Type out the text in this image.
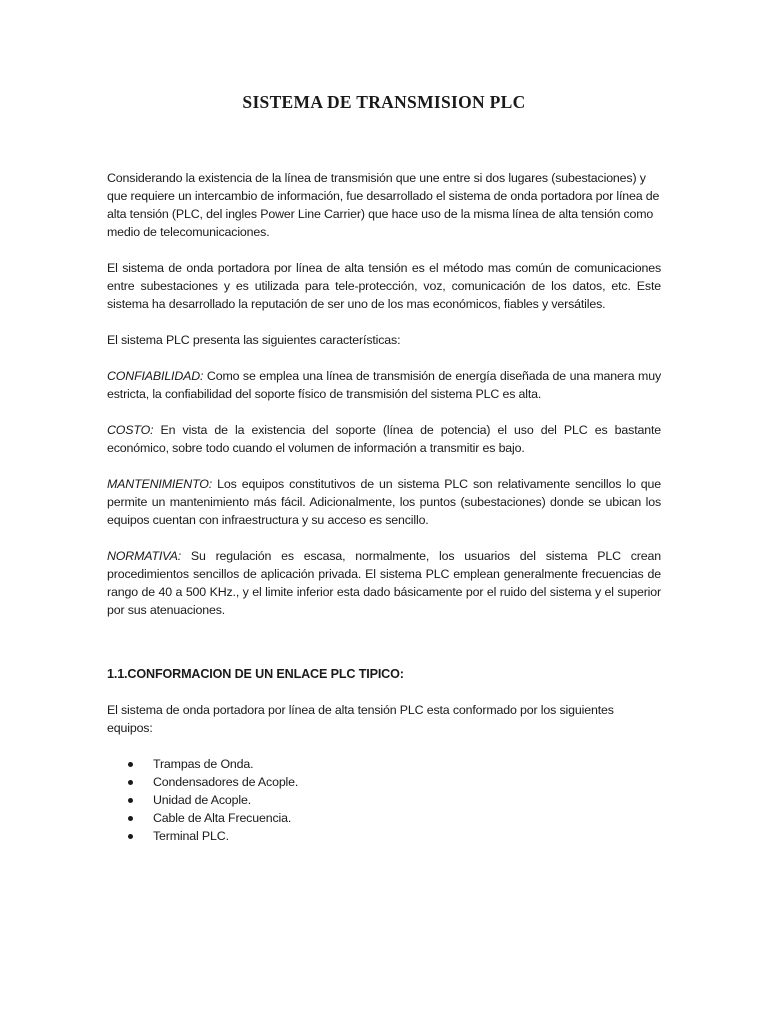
SISTEMA DE TRANSMISION PLC

Considerando la existencia de la línea de transmisión que une entre si dos lugares (subestaciones) y que requiere un intercambio de información, fue desarrollado el sistema de onda portadora por línea de alta tensión (PLC, del ingles Power Line Carrier) que hace uso de la misma línea de alta tensión como medio de telecomunicaciones.

El sistema de onda portadora por línea de alta tensión es el método mas común de comunicaciones entre subestaciones y es utilizada para tele-protección, voz, comunicación de los datos, etc. Este sistema ha desarrollado la reputación de ser uno de los mas económicos, fiables y versátiles.

El sistema PLC presenta las siguientes características:

CONFIABILIDAD: Como se emplea una línea de transmisión de energía diseñada de una manera muy estricta, la confiabilidad del soporte físico de transmisión del sistema PLC es alta.

COSTO: En vista de la existencia del soporte (línea de potencia) el uso del PLC es bastante económico, sobre todo cuando el volumen de información a transmitir es bajo.

MANTENIMIENTO: Los equipos constitutivos de un sistema PLC son relativamente sencillos lo que permite un mantenimiento más fácil. Adicionalmente, los puntos (subestaciones) donde se ubican los equipos cuentan con infraestructura y su acceso es sencillo.

NORMATIVA: Su regulación es escasa, normalmente, los usuarios del sistema PLC crean procedimientos sencillos de aplicación privada. El sistema PLC emplean generalmente frecuencias de rango de 40 a 500 KHz., y el limite inferior esta dado básicamente por el ruido del sistema y el superior por sus atenuaciones.

1.1.CONFORMACION DE UN ENLACE PLC TIPICO:

El sistema de onda portadora por línea de alta tensión PLC esta conformado por los siguientes equipos:

Trampas de Onda.
Condensadores de Acople.
Unidad de Acople.
Cable de Alta Frecuencia.
Terminal PLC.
